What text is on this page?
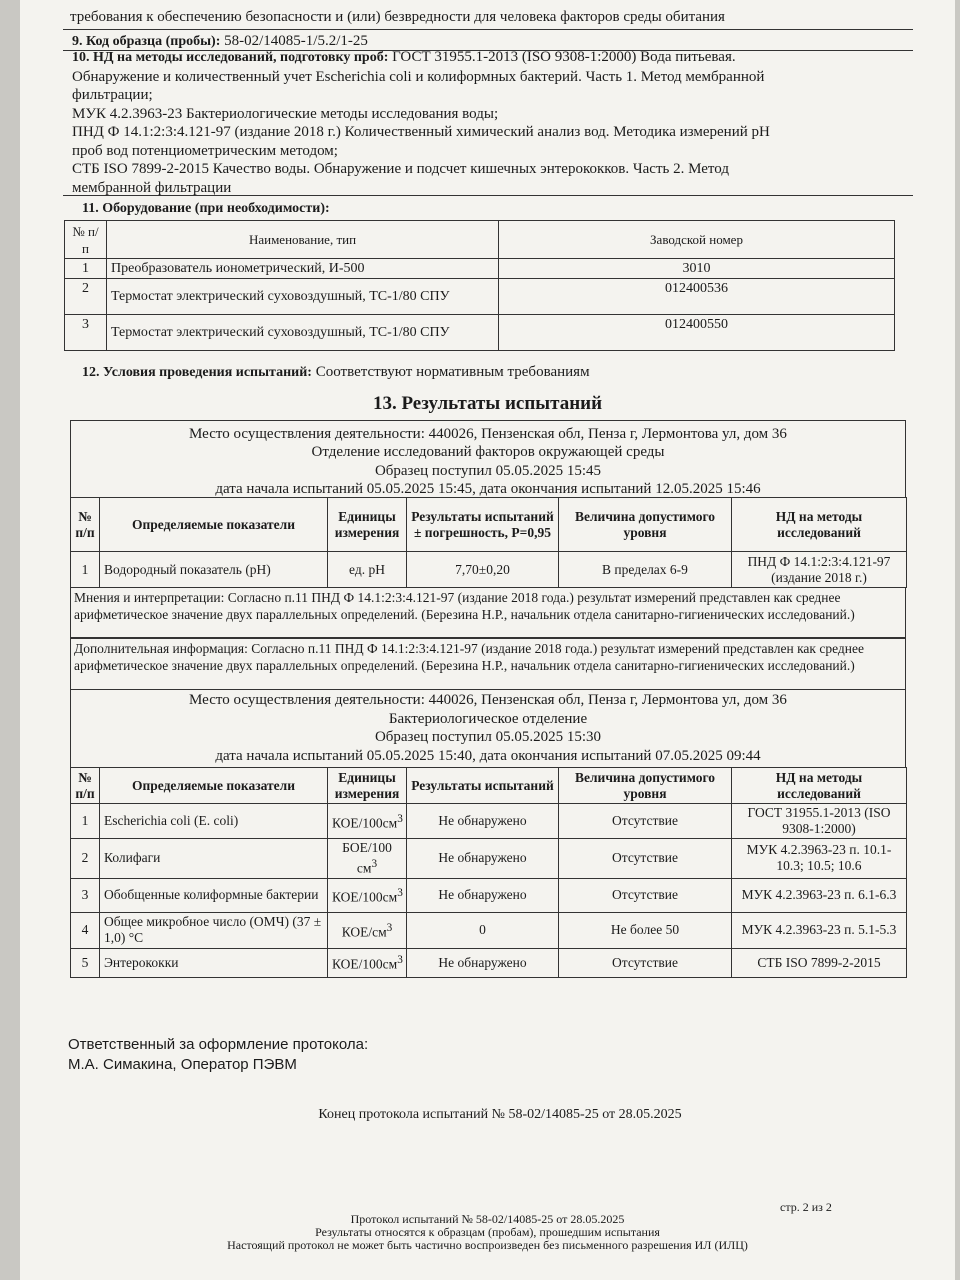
требования к обеспечению безопасности и (или) безвредности для человека факторов среды обитания
9. Код образца (пробы): 58-02/14085-1/5.2/1-25
10. НД на методы исследований, подготовку проб: ГОСТ 31955.1-2013 (ISO 9308-1:2000) Вода питьевая.
Обнаружение и количественный учет Escherichia coli и колиформных бактерий. Часть 1. Метод мембранной
фильтрации;
МУК 4.2.3963-23 Бактериологические методы исследования воды;
ПНД Ф 14.1:2:3:4.121-97 (издание 2018 г.) Количественный химический анализ вод. Методика измерений pH
проб вод потенциометрическим методом;
СТБ ISO 7899-2-2015 Качество воды. Обнаружение и подсчет кишечных энтерококков. Часть 2. Метод
мембранной фильтрации
11. Оборудование (при необходимости):
№ п/п	Наименование, тип	Заводской номер
1	Преобразователь ионометрический, И-500	3010
2	Термостат электрический суховоздушный, ТС-1/80 СПУ	012400536
3	Термостат электрический суховоздушный, ТС-1/80 СПУ	012400550
12. Условия проведения испытаний: Соответствуют нормативным требованиям
13. Результаты испытаний
Место осуществления деятельности: 440026, Пензенская обл, Пенза г, Лермонтова ул, дом 36
Отделение исследований факторов окружающей среды
Образец поступил 05.05.2025 15:45
дата начала испытаний 05.05.2025 15:45, дата окончания испытаний 12.05.2025 15:46
№ п/п	Определяемые показатели	Единицы измерения	Результаты испытаний ± погрешность, Р=0,95	Величина допустимого уровня	НД на методы исследований
1	Водородный показатель (pH)	ед. pH	7,70±0,20	В пределах 6-9	ПНД Ф 14.1:2:3:4.121-97 (издание 2018 г.)
Мнения и интерпретации: Согласно п.11 ПНД Ф 14.1:2:3:4.121-97 (издание 2018 года.) результат измерений представлен как среднее арифметическое значение двух параллельных определений. (Березина Н.Р., начальник отдела санитарно-гигиенических исследований.)
Дополнительная информация: Согласно п.11 ПНД Ф 14.1:2:3:4.121-97 (издание 2018 года.) результат измерений представлен как среднее арифметическое значение двух параллельных определений. (Березина Н.Р., начальник отдела санитарно-гигиенических исследований.)
Место осуществления деятельности: 440026, Пензенская обл, Пенза г, Лермонтова ул, дом 36
Бактериологическое отделение
Образец поступил 05.05.2025 15:30
дата начала испытаний 05.05.2025 15:40, дата окончания испытаний 07.05.2025 09:44
№ п/п	Определяемые показатели	Единицы измерения	Результаты испытаний	Величина допустимого уровня	НД на методы исследований
1	Escherichia coli (E. coli)	КОЕ/$100см^3$	Не обнаружено	Отсутствие	ГОСТ 31955.1-2013 (ISO 9308-1:2000)
2	Колифаги	БОЕ/100 $см^3$	Не обнаружено	Отсутствие	МУК 4.2.3963-23 п. 10.1-10.3; 10.5; 10.6
3	Обобщенные колиформные бактерии	КОЕ/$100см^3$	Не обнаружено	Отсутствие	МУК 4.2.3963-23 п. 6.1-6.3
4	Общее микробное число (ОМЧ) (37 ± 1,0) °С	КОЕ/$см^3$	0	Не более 50	МУК 4.2.3963-23 п. 5.1-5.3
5	Энтерококки	КОЕ/$100см^3$	Не обнаружено	Отсутствие	СТБ ISO 7899-2-2015
Ответственный за оформление протокола:
М.А. Симакина, Оператор ПЭВМ
Конец протокола испытаний № 58-02/14085-25 от 28.05.2025
стр. 2 из 2
Протокол испытаний № 58-02/14085-25 от 28.05.2025
Результаты относятся к образцам (пробам), прошедшим испытания
Настоящий протокол не может быть частично воспроизведен без письменного разрешения ИЛ (ИЛЦ)
